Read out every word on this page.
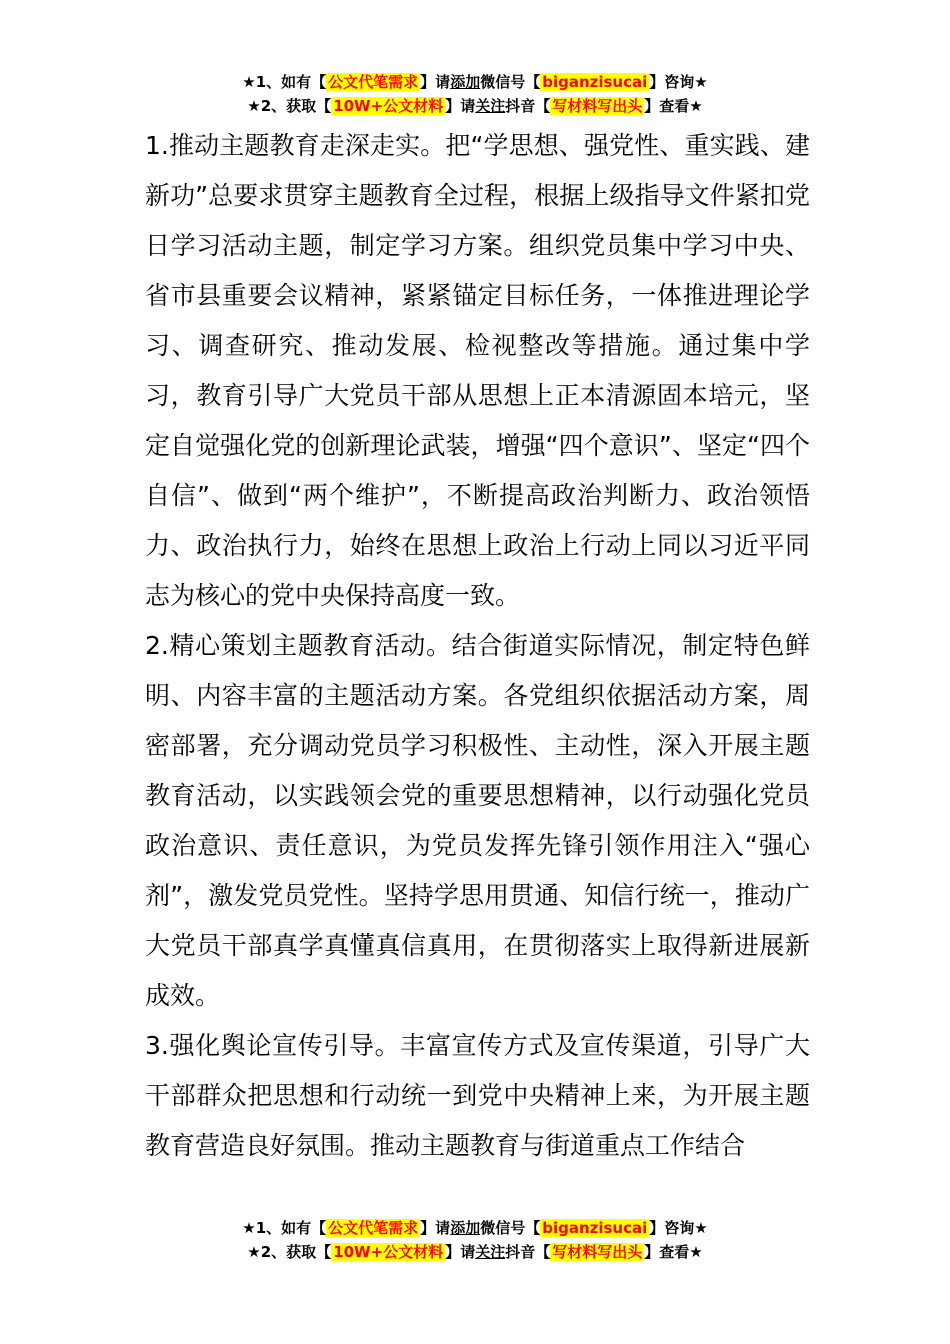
★1、如有【 公文代笔需求 】请添加微信号【 biganzisucai 】咨询★
★2、获取【 10W+公文材料 】请关注抖音【 写材料写出头 】查看★

1.推动主题教育走深走实。把“学思想、强党性、重实践、建新功”总要求贯穿主题教育全过程，根据上级指导文件紧扣党日学习活动主题，制定学习方案。组织党员集中学习中央、省市县重要会议精神，紧紧锚定目标任务，一体推进理论学习、调查研究、推动发展、检视整改等措施。通过集中学习，教育引导广大党员干部从思想上正本清源固本培元，坚定自觉强化党的创新理论武装，增强“四个意识”、坚定“四个自信”、做到“两个维护”，不断提高政治判断力、政治领悟力、政治执行力，始终在思想上政治上行动上同以习近平同志为核心的党中央保持高度一致。

2.精心策划主题教育活动。结合街道实际情况，制定特色鲜明、内容丰富的主题活动方案。各党组织依据活动方案，周密部署，充分调动党员学习积极性、主动性，深入开展主题教育活动，以实践领会党的重要思想精神，以行动强化党员政治意识、责任意识，为党员发挥先锋引领作用注入“强心剂”，激发党员党性。坚持学思用贯通、知信行统一，推动广大党员干部真学真懂真信真用，在贯彻落实上取得新进展新成效。

3.强化舆论宣传引导。丰富宣传方式及宣传渠道，引导广大干部群众把思想和行动统一到党中央精神上来，为开展主题教育营造良好氛围。推动主题教育与街道重点工作结合

★1、如有【 公文代笔需求 】请添加微信号【 biganzisucai 】咨询★
★2、获取【 10W+公文材料 】请关注抖音【 写材料写出头 】查看★
